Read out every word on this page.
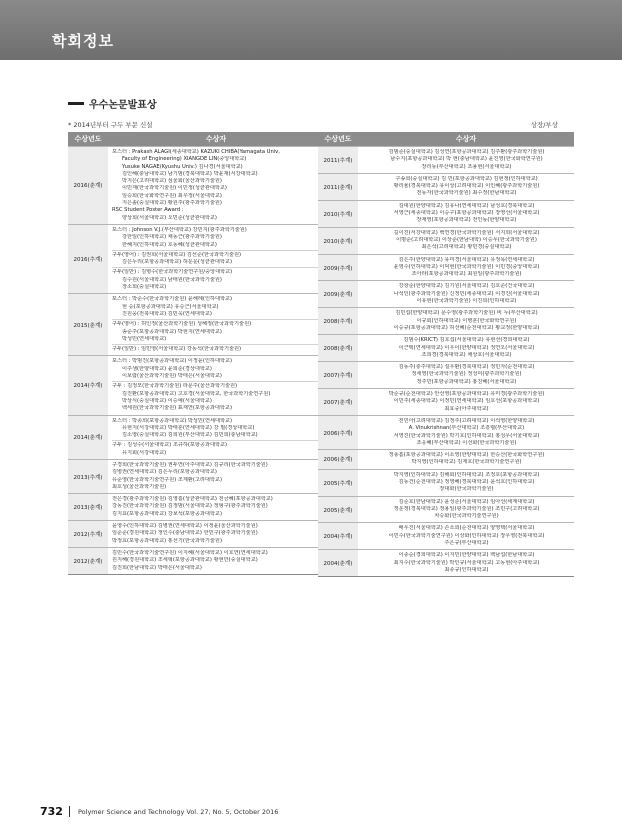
학회정보
우수논문발표상
* 2014년부터 구두 부문 신설	상장/부상
수상년도	수상자
2016(춘계)
포스터 : Prakash ALAGI(세종대학교) KAZUKI CHIBA(Yamagata Univ,
Faculty of Engineering) XIANGDE LIN(중앙대학교)
Yusuke NAGAE(Kyushu Univ.) 김나경(서울대학교)
김인혜(충남대학교) 남기범(경북대학교) 박윤재(서강대학교)
박지은(고려대학교) 심울회(울산과학기술원)
이민재(한국과학기술원) 이민정(성균관대학교)
임승희(한국화학연구원) 최우정(서울대학교)
지은솔(숭실대학교) 황원주(광주과학기술원)
RSC Student Poster Award :
양상희(서울대학교) 오민준(성균관대학교)
2016(추계)
포스터 : Johnson V.J.(부산대학교) 강민지(광주과학기술원)
강한일(인하대학교) 채동근(광주과학기술원)
한혜지(인하대학교) 호동혜(성균관대학교)
구두(영어) : 김권희(서울대학교) 김선준(한국과학기술원)
김은누리(포항공과대학교) 허운운(성균관대학교)
구두(일반) : 김병수(한국과학기술연구원/중앙대학교)
김수원(서울대학교) 남태원(한국과학기술원)
장소희(숭실대학교)
2015(춘계)
포스터 : 박준수(한국과학기술원) 윤해례(인하대학교)
현 승(포항공과대학교) 유승근(서울대학교)
진원웅(전북대학교) 김민욱(연세대학교)
구두(영어) : 허인정(울산과학기술원) 성혜정(한국과학기술원)
송준주(포항공과대학교) 박현지(연세대학교)
박성민(연세대학교)
구두(일반) : 임민영(서울대학교) 강동석(한국과학기술원)
2014(추계)
포스터 : 박범진(포항공과대학교) 이정윤(인하대학교)
이주샘(한양대학교) 윤희준(경상대학교)
이보람(울산과학기술원) 박태은(서울대학교)
구두 : 김정모(한국과학기술원) 라문주(울산과학기술원)
김진환(포항공과대학교) 고호경(서울대학교, 한국과학기술연구원)
박상식(숭실대학교) 이승예(서울대학교)
백세원(한국과학기술원) 표재연(포항공과대학교)
2014(춘계)
포스터 : 박종희(포항공과대학교) 박성민(연세대학교)
유현지(서강대학교) 박태훈(연세대학교) 강 필(경상대학교)
김소영(숭실대학교) 김희원(부산대학교) 김민희(충남대학교)
구두 : 김성수(서울대학교) 조규하(포항공과대학교)
유지회(서강대학교)
2013(추계)
구경희(한국과학기술원) 권두연(아주대학교) 김규리(한국과학기술원)
김병권(연세대학교) 김은누리(포항공과대학교)
유준영(한국과학기술연구원) 조계환(고려대학교)
최호성(울산과학기술원)
2013(춘계)
전은경(광주과학기술원) 김영흠(성균관대학교) 전금혜(포항공과대학교)
강동진(한국과학기술원) 김정범(서울대학교) 정형구(광주과학기술원)
김지효(포항공과대학교) 강보석(포항공과대학교)
2012(추계)
윤영수(인하대학교) 김병권(연세대학교) 이정윤(울산과학기술원)
임준준(경원대학교) 정인수(충남대학교) 한민구(광주과학기술원)
박정효(포항공과대학교) 홍선기(한국과학기술원)
2012(춘계)
김민수(한국과학기술연구원) 이지혜(서울대학교) 이호연(연세대학교)
원지혜(경원대학교) 조세혁(포항공과대학교) 황현만(숭실대학교)
김진희(한남대학교) 박태은(서울대학교)
수상년도	수상자
2011(추계)
김범준(숭실대학교) 김성연(포항공과대학교) 김주환(광주과학기술원)
남수지(포항공과대학교) 박 현(충남대학교) 윤진영(한국화학연구원)
장리동(부산대학교) 조용현(서울대학교)
2011(춘계)
구송희(숭실대학교) 김 민(포항공과대학교) 김현정(인하대학교)
황리율(경북대학교) 유이상(고려대학교) 이인혜(광주과학기술원)
전동자(한국과학기술원) 최수정(한남대학교)
2010(추계)
김대원(한양대학교) 김유나(연세대학교) 남성호(경북대학교)
서영근(세종대학교) 이승구(포항공과대학교) 장영선(서울대학교)
장재영(포항공과대학교) 전인동(한양대학교)
2010(춘계)
길이진(서강대학교) 백연경(한국과학기술원) 서지희(서울대학교)
이명준(고려대학교) 이상준(한남대학) 이승우(한국과학기술원)
최은석(고려대학교) 황민경(숭실대학교)
2009(추계)
김은주(한양대학교) 유미경(서울대학교) 유정목(연세대학교)
윤영수(인하대학교) 이덕현(한국과학기술원) 이민경(중앙대학교)
조아라(포항공과대학교) 최원일(광주과학기술원)
2009(춘계)
강창준(한양대학교) 김기원(서울대학교) 김호준(건국대학교)
나석인(광주과학기술원) 신정민(세종대학교) 이경진(서울대학교)
이유현(한국과학기술원) 이진희(인하대학교)
2008(추계)
김민섭(한양대학교) 문수영(광주과학기술원) 비 누(부산대학교)
이규회(인하대학교) 이병훈(한국화학연구원)
이승규(포항공과대학교) 허선혜(순천대학교) 황교정(한양대학교)
2008(춘계)
김범수(KRICT) 김호섭(서울대학교) 유현선(경희대학교)
이근택(연세대학교) 이우이(한양대학교) 정연오(서울대학교)
조희경(경북대학교) 채상호(서울대학교)
2007(추계)
김동주(충주대학교) 설우환(경북대학교) 정민자(순천대학교)
정세영(한국과학기술원) 정성미(광주과학기술원)
정주민(포항공과대학교) 홍진혜(서울대학교)
2007(춘계)
박준규(순천대학교) 안선영(포항공과대학교) 유미경(광주과학기술원)
이민주(세종대학교) 이정민(연세대학교) 임호선(포항공과대학교)
최효중(아주대학교)
2006(추계)
전민아(고려대학교) 김정주(고려대학교) 이석영(한양대학교)
A. Vinukrishnan(부산대학교) 조흥렬(부산대학교)
서영진(한국과학기술원) 박기호(인하대학교) 홍성우(서울대학교)
조응혜(부산대학교) 이선화(한국과학기술원)
2006(춘계)
정풍흠(포항공과대학교) 이소영(한양대학교) 한승산(한국화학연구원)
박지영(인하대학교) 김재호(한국과학기술연구원)
2005(추계)
박지영(인하대학교) 김해회(인하대학교) 조정호(포항공과대학교)
김동건(순천대학교) 정영혜(경북대학교) 윤석호(인하대학교)
장대화(한국과학기술원)
2005(춘계)
김준호(한남대학교) 윤성준(서울대학교) 임아선(세계대학교)
정운정(경북대학교) 정용일(광주과학기술원) 조민구(고려대학교)
차승화(한국과학기술연구원)
2004(추계)
배우진(서울대학교) 손소희(순천대학교) 양영택(서울대학교)
이민수(한국과학기술연구원) 이상화(인하대학교) 장우영(전북대학교)
주은규(부산대학교)
2004(춘계)
이종순(경희대학교) 이지민(한양대학교) 백남섭(한남대학교)
최지수(한국과학기술원) 박인규(서울대학교) 고동현(아주대학교)
최종규(인하대학교)
732 Polymer Science and Technology Vol. 27, No. 5, October 2016
